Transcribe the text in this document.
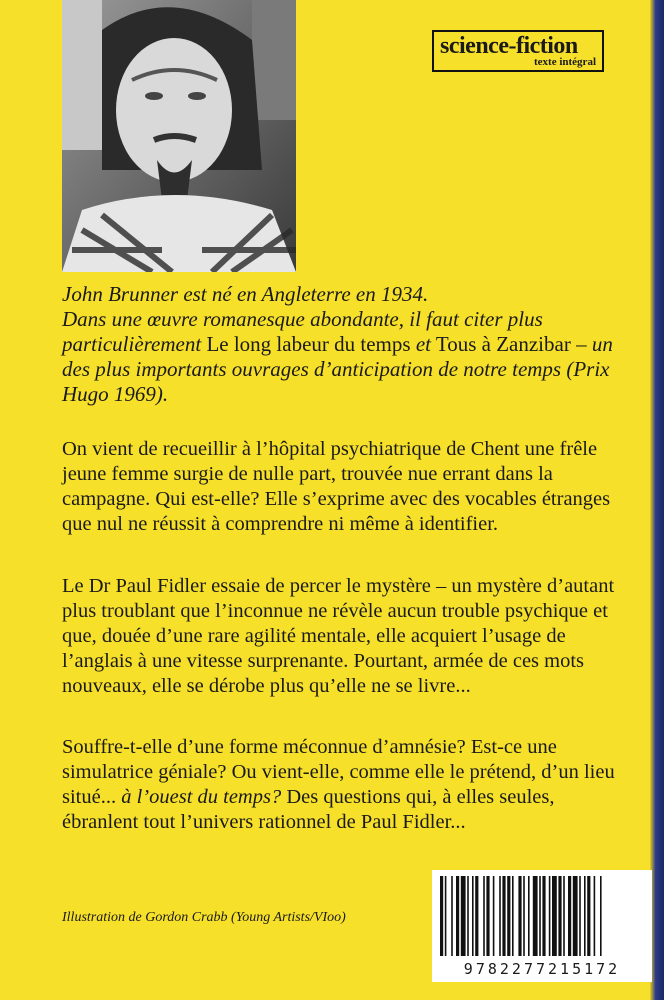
science-fiction
texte intégral
John Brunner est né en Angleterre en 1934.
Dans une œuvre romanesque abondante, il faut citer plus particulièrement Le long labeur du temps et Tous à Zanzibar – un des plus importants ouvrages d’anticipation de notre temps (Prix Hugo 1969).
On vient de recueillir à l’hôpital psychiatrique de Chent une frêle jeune femme surgie de nulle part, trouvée nue errant dans la campagne. Qui est-elle? Elle s’exprime avec des vocables étranges que nul ne réussit à comprendre ni même à identifier.
Le Dr Paul Fidler essaie de percer le mystère – un mystère d’autant plus troublant que l’inconnue ne révèle aucun trouble psychique et que, douée d’une rare agilité mentale, elle acquiert l’usage de l’anglais à une vitesse surprenante. Pourtant, armée de ces mots nouveaux, elle se dérobe plus qu’elle ne se livre...
Souffre-t-elle d’une forme méconnue d’amnésie? Est-ce une simulatrice géniale? Ou vient-elle, comme elle le prétend, d’un lieu situé... à l’ouest du temps? Des questions qui, à elles seules, ébranlent tout l’univers rationnel de Paul Fidler...
Illustration de Gordon Crabb (Young Artists/VIoo)
9782277215172
